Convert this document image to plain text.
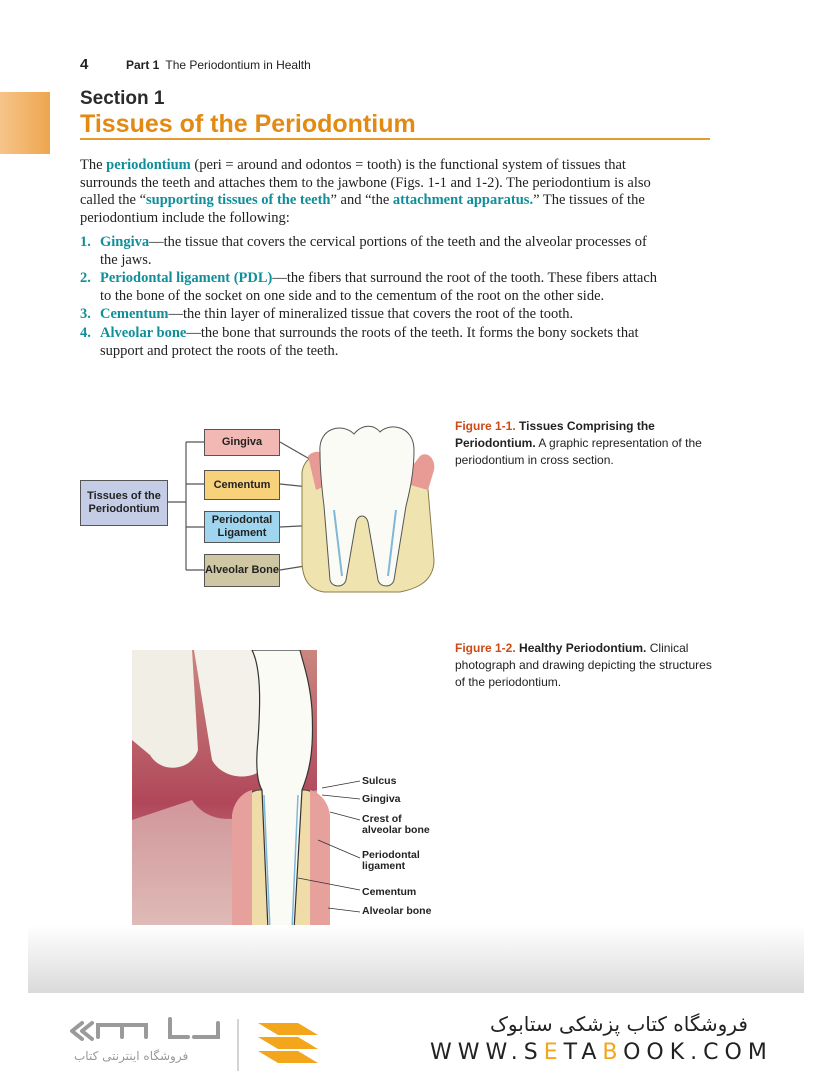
4	Part 1 The Periodontium in Health
Section 1
Tissues of the Periodontium
The periodontium (peri = around and odontos = tooth) is the functional system of tissues that surrounds the teeth and attaches them to the jawbone (Figs. 1-1 and 1-2). The periodontium is also called the “supporting tissues of the teeth” and “the attachment apparatus.” The tissues of the periodontium include the following:
1. Gingiva—the tissue that covers the cervical portions of the teeth and the alveolar processes of the jaws.
2. Periodontal ligament (PDL)—the fibers that surround the root of the tooth. These fibers attach to the bone of the socket on one side and to the cementum of the root on the other side.
3. Cementum—the thin layer of mineralized tissue that covers the root of the tooth.
4. Alveolar bone—the bone that surrounds the roots of the teeth. It forms the bony sockets that support and protect the roots of the teeth.
Tissues of the Periodontium
Gingiva
Cementum
Periodontal Ligament
Alveolar Bone
Figure 1-1. Tissues Comprising the Periodontium. A graphic representation of the periodontium in cross section.
Sulcus
Gingiva
Crest of alveolar bone
Periodontal ligament
Cementum
Alveolar bone
Figure 1-2. Healthy Periodontium. Clinical photograph and drawing depicting the structures of the periodontium.
فروشگاه اینترنتی کتاب
فروشگاه کتاب پزشکی ستابوک
WWW.SETABOOK.COM
